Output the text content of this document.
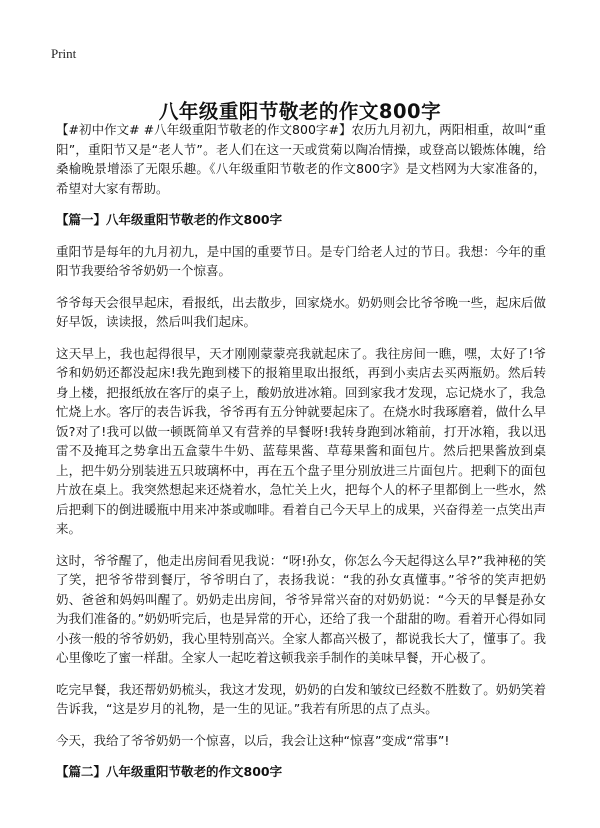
Print
八年级重阳节敬老的作文800字

【#初中作文# #八年级重阳节敬老的作文800字#】农历九月初九，两阳相重，故叫“重阳”，重阳节又是“老人节”。老人们在这一天或赏菊以陶冶情操，或登高以锻炼体魄，给桑榆晚景增添了无限乐趣。《八年级重阳节敬老的作文800字》是文档网为大家准备的，希望对大家有帮助。

【篇一】八年级重阳节敬老的作文800字

重阳节是每年的九月初九，是中国的重要节日。是专门给老人过的节日。我想：今年的重阳节我要给爷爷奶奶一个惊喜。

爷爷每天会很早起床，看报纸，出去散步，回家烧水。奶奶则会比爷爷晚一些，起床后做好早饭，读读报，然后叫我们起床。

这天早上，我也起得很早，天才刚刚蒙蒙亮我就起床了。我往房间一瞧，嘿，太好了!爷爷和奶奶还都没起床!我先跑到楼下的报箱里取出报纸，再到小卖店去买两瓶奶。然后转身上楼，把报纸放在客厅的桌子上，酸奶放进冰箱。回到家我才发现，忘记烧水了，我急忙烧上水。客厅的表告诉我，爷爷再有五分钟就要起床了。在烧水时我琢磨着，做什么早饭?对了!我可以做一顿既简单又有营养的早餐呀!我转身跑到冰箱前，打开冰箱，我以迅雷不及掩耳之势拿出五盒蒙牛牛奶、蓝莓果酱、草莓果酱和面包片。然后把果酱放到桌上，把牛奶分别装进五只玻璃杯中，再在五个盘子里分别放进三片面包片。把剩下的面包片放在桌上。我突然想起来还烧着水，急忙关上火，把每个人的杯子里都倒上一些水，然后把剩下的倒进暖瓶中用来冲茶或咖啡。看着自己今天早上的成果，兴奋得差一点笑出声来。

这时，爷爷醒了，他走出房间看见我说：“呀!孙女，你怎么今天起得这么早?”我神秘的笑了笑，把爷爷带到餐厅，爷爷明白了，表扬我说：“我的孙女真懂事。”爷爷的笑声把奶奶、爸爸和妈妈叫醒了。奶奶走出房间，爷爷异常兴奋的对奶奶说：“今天的早餐是孙女为我们准备的。”奶奶听完后，也是异常的开心，还给了我一个甜甜的吻。看着开心得如同小孩一般的爷爷奶奶，我心里特别高兴。全家人都高兴极了，都说我长大了，懂事了。我心里像吃了蜜一样甜。全家人一起吃着这顿我亲手制作的美味早餐，开心极了。

吃完早餐，我还帮奶奶梳头，我这才发现，奶奶的白发和皱纹已经数不胜数了。奶奶笑着告诉我，“这是岁月的礼物，是一生的见证。”我若有所思的点了点头。

今天，我给了爷爷奶奶一个惊喜，以后，我会让这种“惊喜”变成“常事”!

【篇二】八年级重阳节敬老的作文800字
